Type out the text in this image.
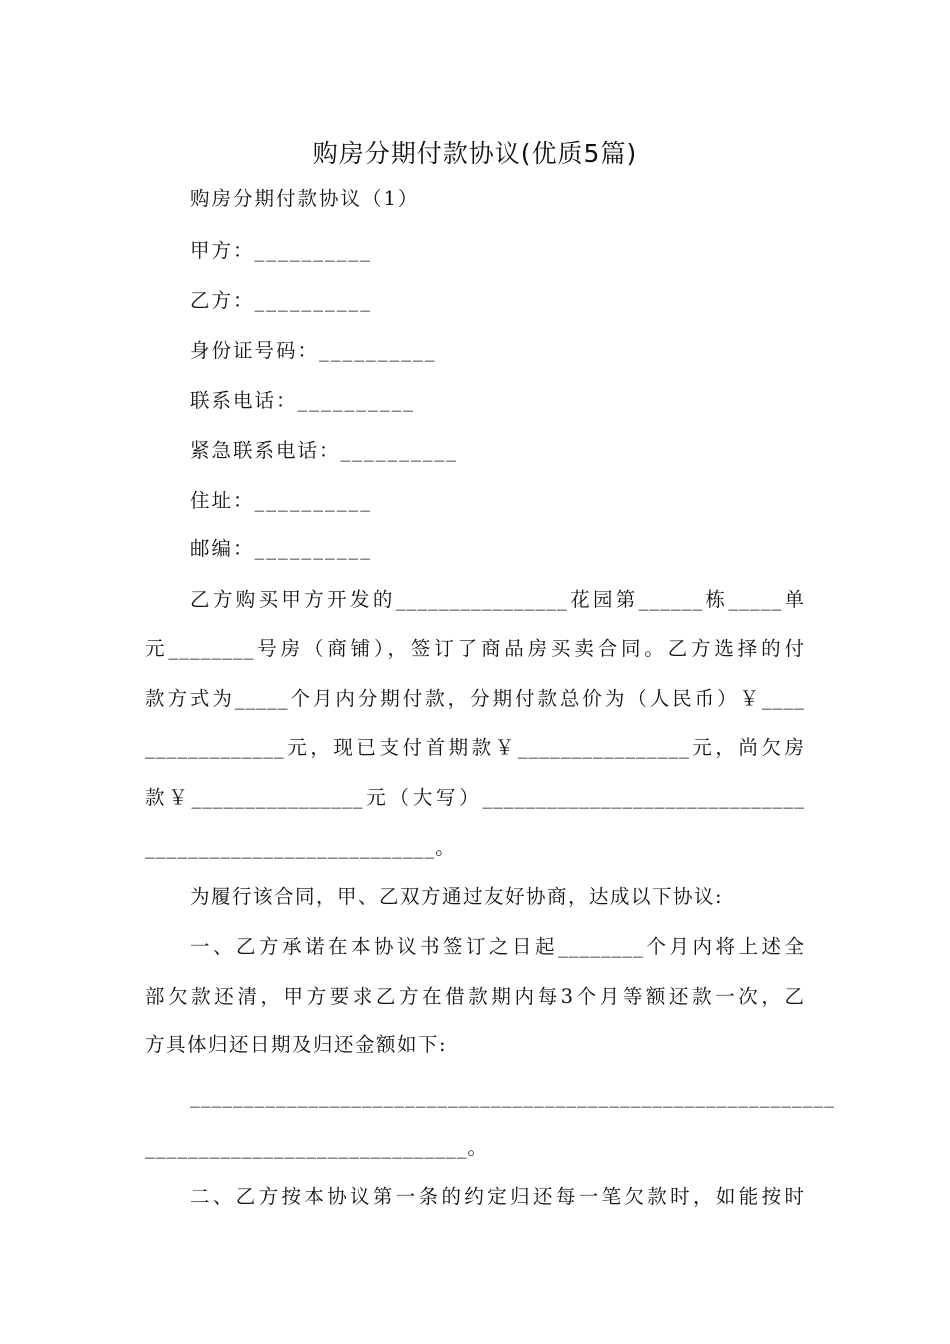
购房分期付款协议(优质5篇)
购房分期付款协议（1）
甲方：__________
乙方：__________
身份证号码：__________
联系电话：__________
紧急联系电话：__________
住址：__________
邮编：__________
乙方购买甲方开发的________________花园第______栋_____单
元________号房（商铺），签订了商品房买卖合同。乙方选择的付
款方式为_____个月内分期付款，分期付款总价为（人民币）￥____
_____________元，现已支付首期款￥________________元，尚欠房
款￥________________元（大写）______________________________
___________________________。
为履行该合同，甲、乙双方通过友好协商，达成以下协议:
一、乙方承诺在本协议书签订之日起________个月内将上述全
部欠款还清，甲方要求乙方在借款期内每3个月等额还款一次，乙
方具体归还日期及归还金额如下:
____________________________________________________________
______________________________。
二、乙方按本协议第一条的约定归还每一笔欠款时，如能按时
